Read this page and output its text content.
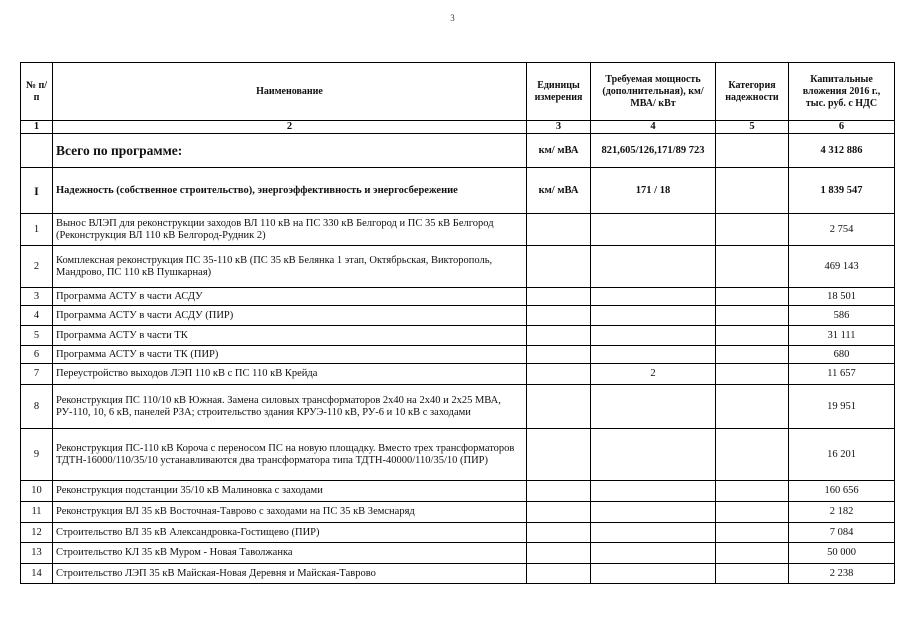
3
№ п/п	Наименование	Единицы измерения	Требуемая мощность (дополнительная), км/ МВА/ кВт	Категория надежности	Капитальные вложения 2016 г., тыс. руб. с НДС
1	2	3	4	5	6
	Всего по программе:	км/ мВА	821,605/126,171/89 723		4 312 886
I	Надежность (собственное строительство), энергоэффективность и энергосбережение	км/ мВА	171 / 18		1 839 547
1	Вынос ВЛЭП для реконструкции заходов ВЛ 110 кВ на ПС 330 кВ Белгород и ПС 35 кВ Белгород (Реконструкция ВЛ 110 кВ Белгород-Рудник 2)				2 754
2	Комплексная реконструкция ПС 35-110 кВ (ПС 35 кВ Белянка 1 этап, Октябрьская, Викторополь, Мандрово, ПС 110 кВ Пушкарная)				469 143
3	Программа АСТУ в части АСДУ				18 501
4	Программа АСТУ в части АСДУ (ПИР)				586
5	Программа АСТУ в части ТК				31 111
6	Программа АСТУ в части ТК (ПИР)				680
7	Переустройство выходов ЛЭП 110 кВ с ПС 110 кВ Крейда		2		11 657
8	Реконструкция ПС 110/10 кВ Южная. Замена силовых трансформаторов 2х40 на 2х40 и 2х25 МВА, РУ-110, 10, 6 кВ, панелей РЗА; строительство здания КРУЭ-110 кВ, РУ-6 и 10 кВ с заходами				19 951
9	Реконструкция ПС-110 кВ Короча с переносом ПС на новую площадку. Вместо трех трансформаторов ТДТН-16000/110/35/10 устанавливаются два трансформатора типа ТДТН-40000/110/35/10 (ПИР)				16 201
10	Реконструкция подстанции 35/10 кВ Малиновка с заходами				160 656
11	Реконструкция ВЛ 35 кВ Восточная-Таврово с заходами на ПС 35 кВ Земснаряд				2 182
12	Строительство ВЛ 35 кВ Александровка-Гостищево (ПИР)				7 084
13	Строительство КЛ 35 кВ Муром - Новая Таволжанка				50 000
14	Строительство ЛЭП 35 кВ Майская-Новая Деревня и Майская-Таврово				2 238
